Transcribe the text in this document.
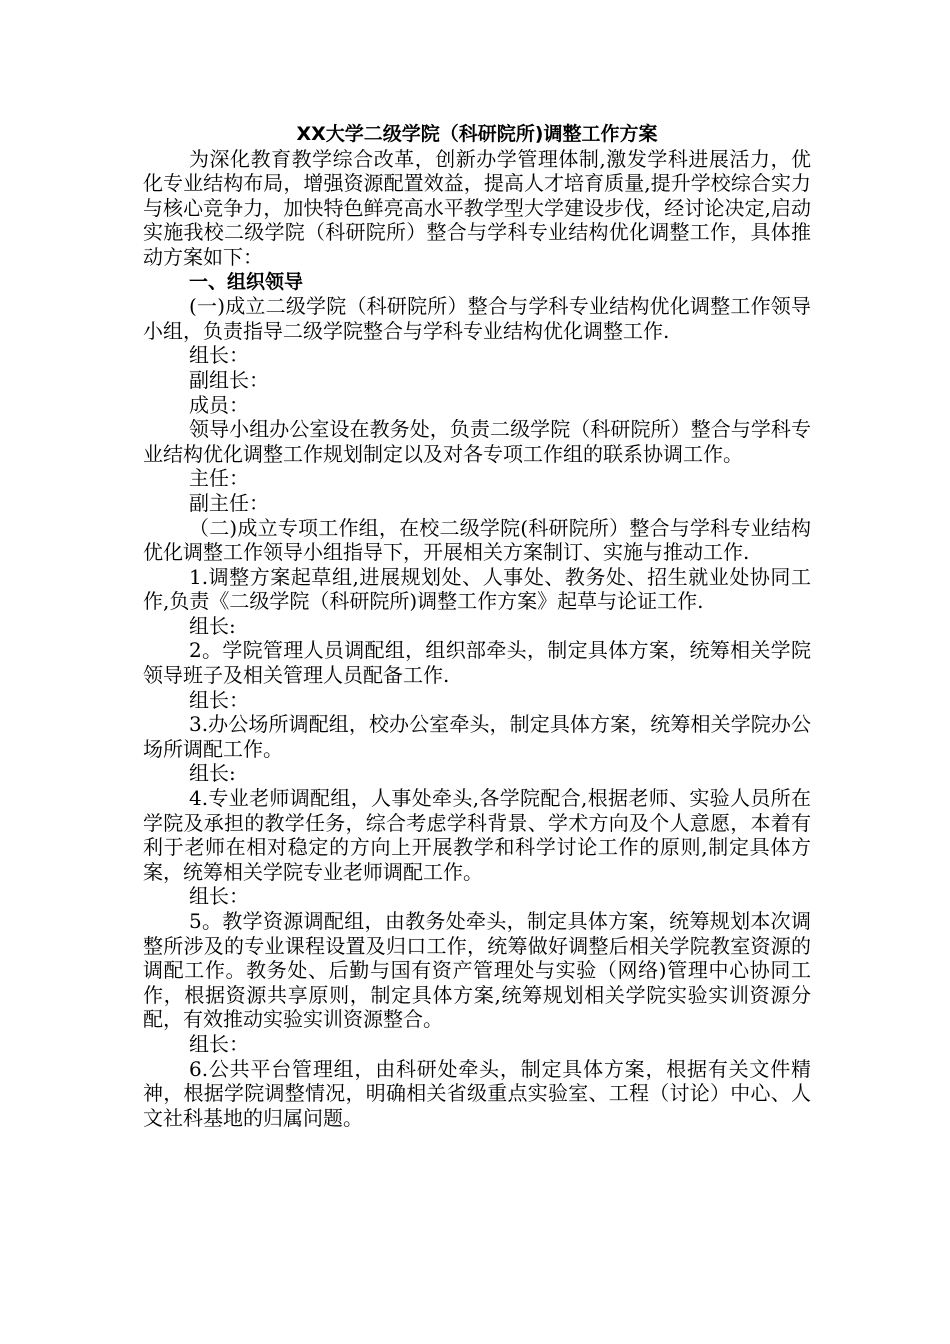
XX大学二级学院（科研院所)调整工作方案

为深化教育教学综合改革，创新办学管理体制,激发学科进展活力，优化专业结构布局，增强资源配置效益，提高人才培育质量,提升学校综合实力与核心竞争力，加快特色鲜亮高水平教学型大学建设步伐，经讨论决定,启动实施我校二级学院（科研院所）整合与学科专业结构优化调整工作，具体推动方案如下：

一、组织领导

(一)成立二级学院（科研院所）整合与学科专业结构优化调整工作领导小组，负责指导二级学院整合与学科专业结构优化调整工作.

组长：

副组长：

成员：

领导小组办公室设在教务处，负责二级学院（科研院所）整合与学科专业结构优化调整工作规划制定以及对各专项工作组的联系协调工作。

主任：

副主任：

（二)成立专项工作组，在校二级学院(科研院所）整合与学科专业结构优化调整工作领导小组指导下，开展相关方案制订、实施与推动工作.

1.调整方案起草组,进展规划处、人事处、教务处、招生就业处协同工作,负责《二级学院（科研院所)调整工作方案》起草与论证工作.

组长:

2。学院管理人员调配组，组织部牵头，制定具体方案，统筹相关学院领导班子及相关管理人员配备工作.

组长：

3.办公场所调配组，校办公室牵头，制定具体方案，统筹相关学院办公场所调配工作。

组长:

4.专业老师调配组，人事处牵头,各学院配合,根据老师、实验人员所在学院及承担的教学任务，综合考虑学科背景、学术方向及个人意愿，本着有利于老师在相对稳定的方向上开展教学和科学讨论工作的原则,制定具体方案，统筹相关学院专业老师调配工作。

组长：

5。教学资源调配组，由教务处牵头，制定具体方案，统筹规划本次调整所涉及的专业课程设置及归口工作，统筹做好调整后相关学院教室资源的调配工作。教务处、后勤与国有资产管理处与实验（网络)管理中心协同工作，根据资源共享原则，制定具体方案,统筹规划相关学院实验实训资源分配，有效推动实验实训资源整合。

组长：

6.公共平台管理组，由科研处牵头，制定具体方案，根据有关文件精神，根据学院调整情况，明确相关省级重点实验室、工程（讨论）中心、人文社科基地的归属问题。
